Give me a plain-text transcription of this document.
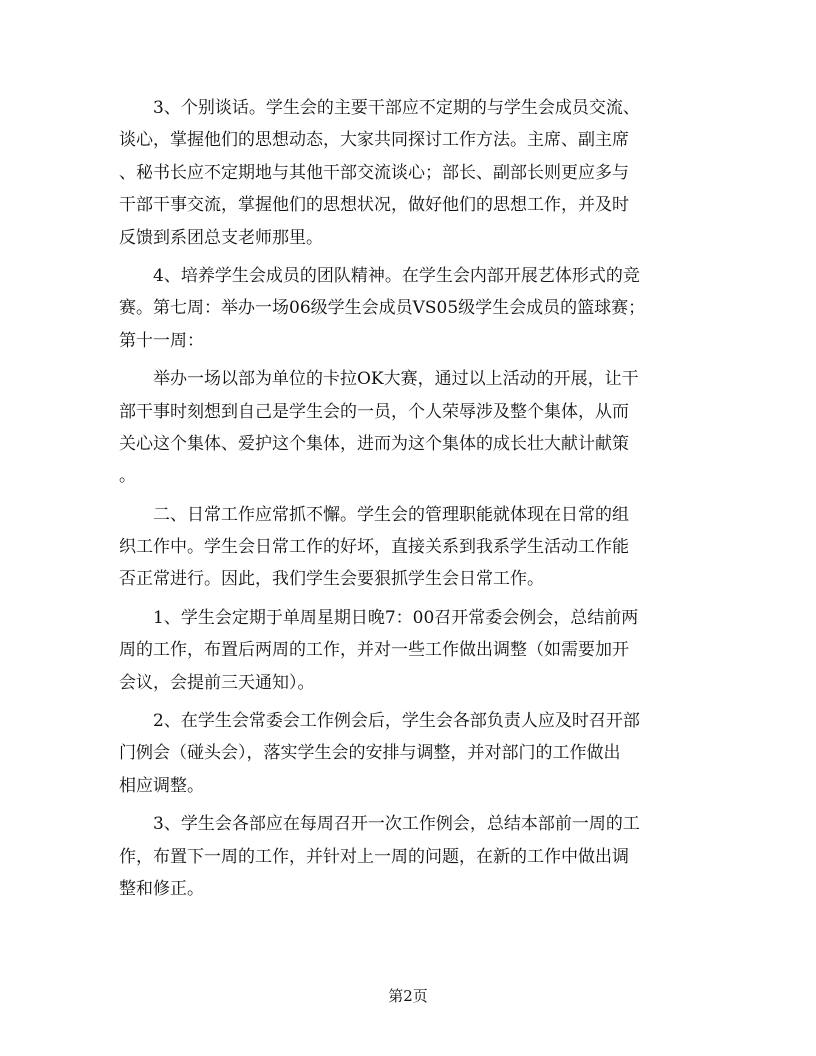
　　3、个别谈话。学生会的主要干部应不定期的与学生会成员交流、
谈心，掌握他们的思想动态，大家共同探讨工作方法。主席、副主席
、秘书长应不定期地与其他干部交流谈心；部长、副部长则更应多与
干部干事交流，掌握他们的思想状况，做好他们的思想工作，并及时
反馈到系团总支老师那里。

　　4、培养学生会成员的团队精神。在学生会内部开展艺体形式的竞
赛。第七周：举办一场06级学生会成员VS05级学生会成员的篮球赛；
第十一周：

　　举办一场以部为单位的卡拉OK大赛，通过以上活动的开展，让干
部干事时刻想到自己是学生会的一员，个人荣辱涉及整个集体，从而
关心这个集体、爱护这个集体，进而为这个集体的成长壮大献计献策
。

　　二、日常工作应常抓不懈。学生会的管理职能就体现在日常的组
织工作中。学生会日常工作的好坏，直接关系到我系学生活动工作能
否正常进行。因此，我们学生会要狠抓学生会日常工作。

　　1、学生会定期于单周星期日晚7：00召开常委会例会，总结前两
周的工作，布置后两周的工作，并对一些工作做出调整（如需要加开
会议，会提前三天通知）。

　　2、在学生会常委会工作例会后，学生会各部负责人应及时召开部
门例会（碰头会），落实学生会的安排与调整，并对部门的工作做出
相应调整。

　　3、学生会各部应在每周召开一次工作例会，总结本部前一周的工
作，布置下一周的工作，并针对上一周的问题，在新的工作中做出调
整和修正。

第2页
